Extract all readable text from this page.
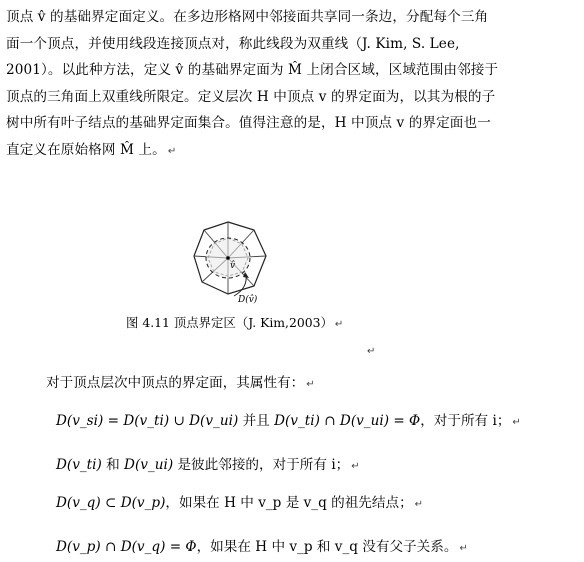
顶点 v̂ 的基础界定面定义。在多边形格网中邻接面共享同一条边，分配每个三角
面一个顶点，并使用线段连接顶点对，称此线段为双重线（J. Kim, S. Lee,
2001）。以此种方法，定义 v̂ 的基础界定面为 M̂ 上闭合区域，区域范围由邻接于
顶点的三角面上双重线所限定。定义层次 H 中顶点 v 的界定面为，以其为根的子
树中所有叶子结点的基础界定面集合。值得注意的是，H 中顶点 v 的界定面也一
直定义在原始格网 M̂ 上。 ↵
v̂
D(v̂)
图 4.11 顶点界定区（J. Kim,2003） ↵
↵
对于顶点层次中顶点的界定面，其属性有： ↵
D(v_si) = D(v_ti) ∪ D(v_ui) 并且 D(v_ti) ∩ D(v_ui) = Φ，对于所有 i； ↵
D(v_ti) 和 D(v_ui) 是彼此邻接的，对于所有 i； ↵
D(v_q) ⊂ D(v_p)，如果在 H 中 v_p 是 v_q 的祖先结点； ↵
D(v_p) ∩ D(v_q) = Φ，如果在 H 中 v_p 和 v_q 没有父子关系。 ↵
